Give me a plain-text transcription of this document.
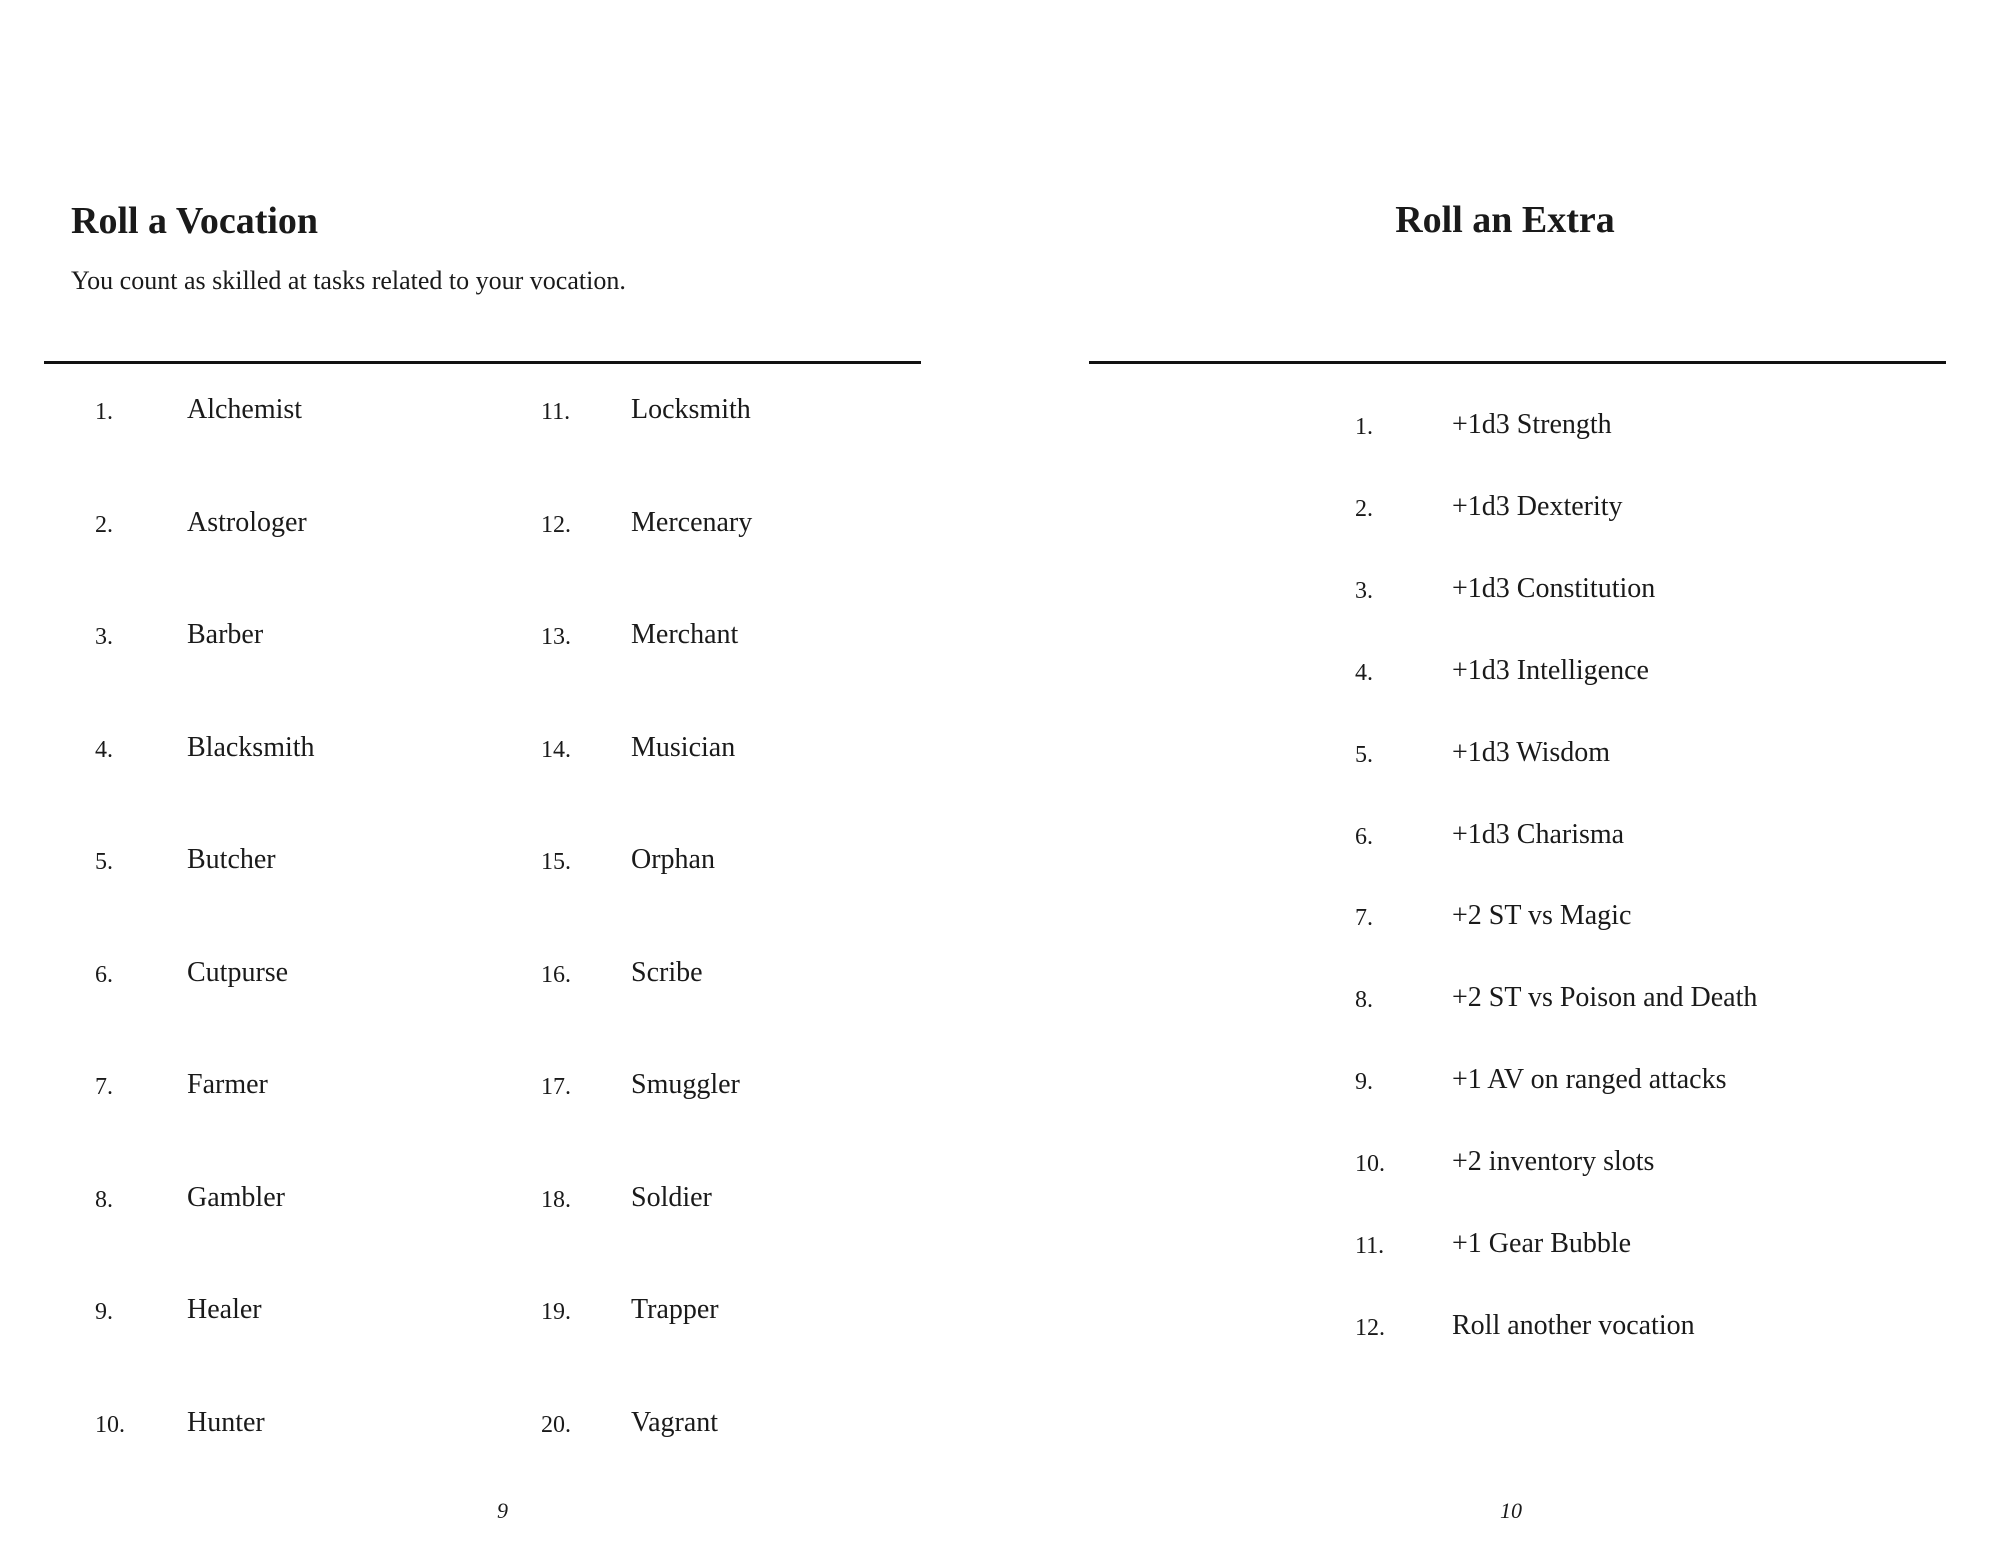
Roll a Vocation

You count as skilled at tasks related to your vocation.

1.	Alchemist
2.	Astrologer
3.	Barber
4.	Blacksmith
5.	Butcher
6.	Cutpurse
7.	Farmer
8.	Gambler
9.	Healer
10. Hunter
11. Locksmith
12. Mercenary
13. Merchant
14. Musician
15. Orphan
16. Scribe
17. Smuggler
18. Soldier
19. Trapper
20. Vagrant
9
Roll an Extra
1.	+1d3 Strength
2.	+1d3 Dexterity
3.	+1d3 Constitution
4.	+1d3 Intelligence
5.	+1d3 Wisdom
6.	+1d3 Charisma
7.	+2 ST vs Magic
8.	+2 ST vs Poison and Death
9.	+1 AV on ranged attacks
10. +2 inventory slots
11. +1 Gear Bubble
12. Roll another vocation
10
